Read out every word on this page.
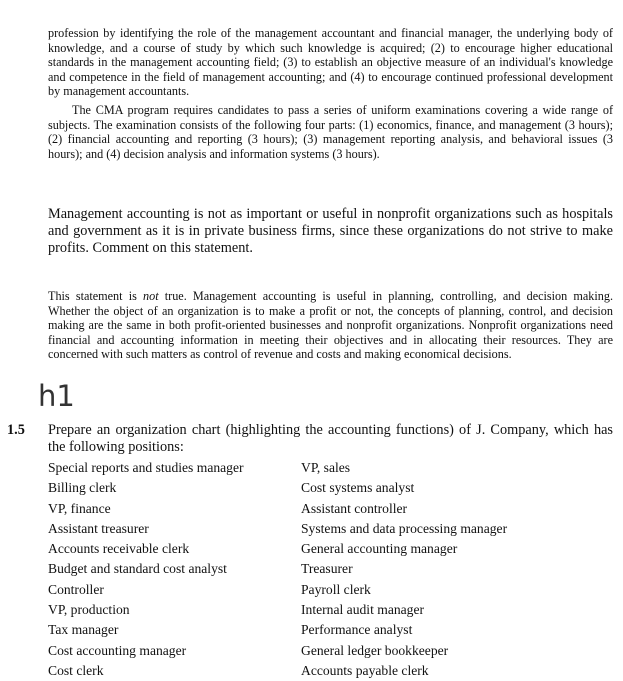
profession by identifying the role of the management accountant and financial manager, the underlying body of knowledge, and a course of study by which such knowledge is acquired; (2) to encourage higher educational standards in the management accounting field; (3) to establish an objective measure of an individual's knowledge and competence in the field of management accounting; and (4) to encourage continued professional development by management accountants.
The CMA program requires candidates to pass a series of uniform examinations covering a wide range of subjects. The examination consists of the following four parts: (1) economics, finance, and management (3 hours); (2) financial accounting and reporting (3 hours); (3) management reporting analysis, and behavioral issues (3 hours); and (4) decision analysis and information systems (3 hours).
Management accounting is not as important or useful in nonprofit organizations such as hospitals and government as it is in private business firms, since these organizations do not strive to make profits. Comment on this statement.
This statement is not true. Management accounting is useful in planning, controlling, and decision making. Whether the object of an organization is to make a profit or not, the concepts of planning, control, and decision making are the same in both profit-oriented businesses and nonprofit organizations. Nonprofit organizations need financial and accounting information in meeting their objectives and in allocating their resources. They are concerned with such matters as control of revenue and costs and making economical decisions.
h1
1.5 Prepare an organization chart (highlighting the accounting functions) of J. Company, which has the following positions:
Special reports and studies manager
Billing clerk
VP, finance
Assistant treasurer
Accounts receivable clerk
Budget and standard cost analyst
Controller
VP, production
Tax manager
Cost accounting manager
Cost clerk
VP, sales
Cost systems analyst
Assistant controller
Systems and data processing manager
General accounting manager
Treasurer
Payroll clerk
Internal audit manager
Performance analyst
General ledger bookkeeper
Accounts payable clerk
